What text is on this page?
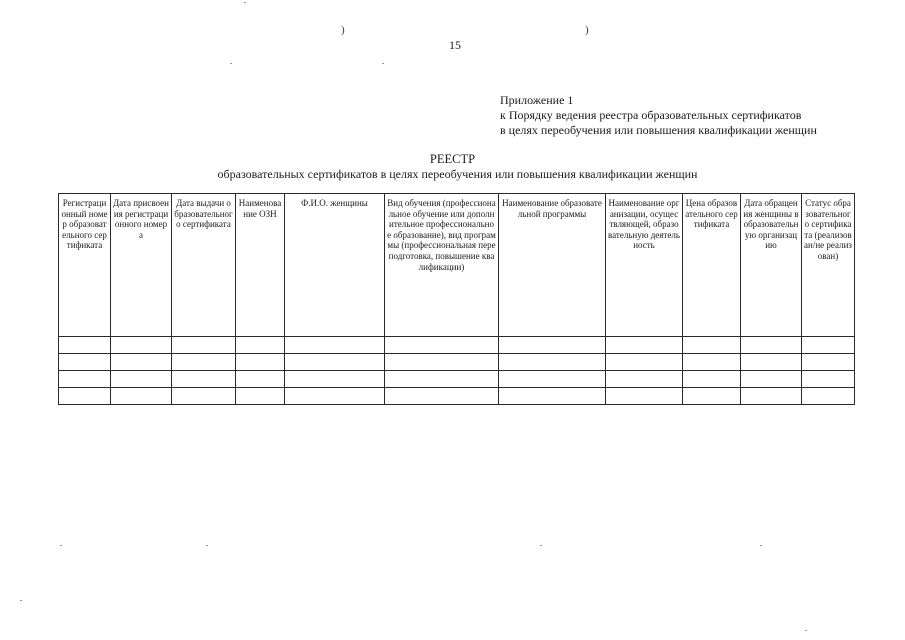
)	)
15
Приложение 1
к Порядку ведения реестра образовательных сертификатов
в целях переобучения или повышения квалификации женщин
РЕЕСТР
образовательных сертификатов в целях переобучения или повышения квалификации женщин
Регистрационный номер образовательного сертификата	Дата присвоения регистрационного номера	Дата выдачи образовательного сертификата	Наименование ОЗН	Ф.И.О. женщины	Вид обучения (профессиональное обучение или дополнительное профессиональное образование), вид программы (профессиональная переподготовка, повышение квалификации)	Наименование образовательной программы	Наименование организации, осуществляющей, образовательную деятельность	Цена образовательного сертификата	Дата обращения женщины в образовательную организацию	Статус образовательного сертификата (реализован/не реализован)
